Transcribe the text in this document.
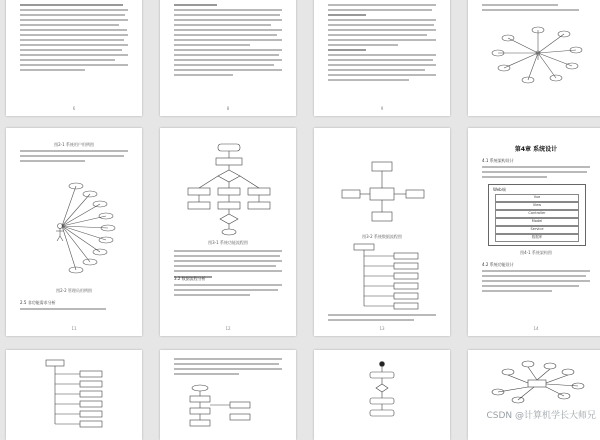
6	8	9
图2-1 系统用户用例图
图2-2 管理员用例图
2.5 非功能需求分析
11
图3-1 系统功能流程图
3.2 数据流程分析
12
图3-2 系统数据流程图
13
第4章 系统设计
4.1 系统架构设计
Web端
Vue
View
Controller
Model
Service
数据库
图4-1 系统架构图
4.2 系统功能设计
14
CSDN @计算机学长大师兄
